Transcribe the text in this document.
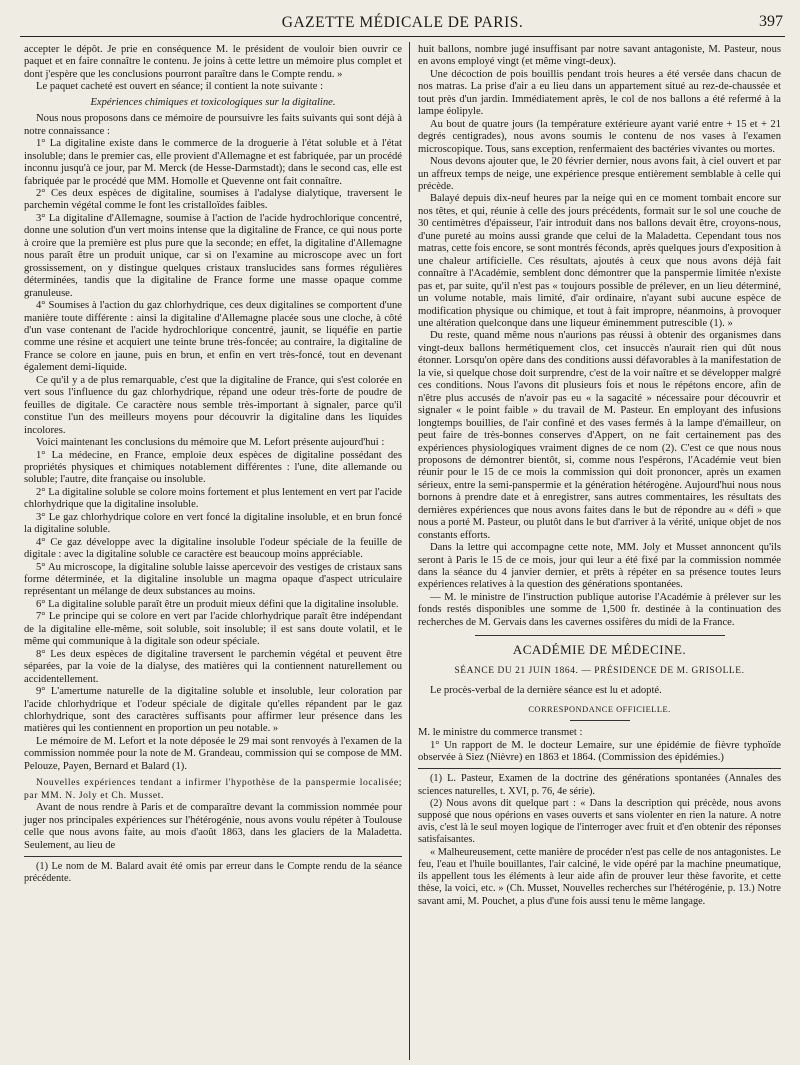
GAZETTE MÉDICALE DE PARIS.	397

accepter le dépôt. Je prie en conséquence M. le président de vouloir bien ouvrir ce paquet et en faire connaître le contenu. Je joins à cette lettre un mémoire plus complet et dont j'espère que les conclusions pourront paraître dans le Compte rendu. »

Le paquet cacheté est ouvert en séance; il contient la note suivante :

Expériences chimiques et toxicologiques sur la digitaline.

Nous nous proposons dans ce mémoire de poursuivre les faits suivants qui sont déjà à notre connaissance :

1° La digitaline existe dans le commerce de la droguerie à l'état soluble et à l'état insoluble; dans le premier cas, elle provient d'Allemagne et est fabriquée, par un procédé inconnu jusqu'à ce jour, par M. Merck (de Hesse-Darmstadt); dans le second cas, elle est fabriquée par le procédé que MM. Homolle et Quevenne ont fait connaître.

2° Ces deux espèces de digitaline, soumises à l'adalyse dialytique, traversent le parchemin végétal comme le font les cristalloïdes faibles.

3° La digitaline d'Allemagne, soumise à l'action de l'acide hydrochlorique concentré, donne une solution d'un vert moins intense que la digitaline de France, ce qui nous porte à croire que la première est plus pure que la seconde; en effet, la digitaline d'Allemagne nous paraît être un produit unique, car si on l'examine au microscope avec un fort grossissement, on y distingue quelques cristaux translucides sans formes régulières déterminées, tandis que la digitaline de France forme une masse opaque comme granuleuse.

4° Soumises à l'action du gaz chlorhydrique, ces deux digitalines se comportent d'une manière toute différente : ainsi la digitaline d'Allemagne placée sous une cloche, à côté d'un vase contenant de l'acide hydrochlorique concentré, jaunit, se liquéfie en partie comme une résine et acquiert une teinte brune très-foncée; au contraire, la digitaline de France se colore en jaune, puis en brun, et enfin en vert très-foncé, tout en devenant également demi-liquide.

Ce qu'il y a de plus remarquable, c'est que la digitaline de France, qui s'est colorée en vert sous l'influence du gaz chlorhydrique, répand une odeur très-forte de poudre de feuilles de digitale. Ce caractère nous semble très-important à signaler, parce qu'il constitue l'un des meilleurs moyens pour découvrir la digitaline dans les liquides incolores.

Voici maintenant les conclusions du mémoire que M. Lefort présente aujourd'hui :

1° La médecine, en France, emploie deux espèces de digitaline possédant des propriétés physiques et chimiques notablement différentes : l'une, dite allemande ou soluble; l'autre, dite française ou insoluble.

2° La digitaline soluble se colore moins fortement et plus lentement en vert par l'acide chlorhydrique que la digitaline insoluble.

3° Le gaz chlorhydrique colore en vert foncé la digitaline insoluble, et en brun foncé la digitaline soluble.

4° Ce gaz développe avec la digitaline insoluble l'odeur spéciale de la feuille de digitale : avec la digitaline soluble ce caractère est beaucoup moins appréciable.

5° Au microscope, la digitaline soluble laisse apercevoir des vestiges de cristaux sans forme déterminée, et la digitaline insoluble un magma opaque d'aspect utriculaire représentant un mélange de deux substances au moins.

6° La digitaline soluble paraît être un produit mieux défini que la digitaline insoluble.

7° Le principe qui se colore en vert par l'acide chlorhydrique paraît être indépendant de la digitaline elle-même, soit soluble, soit insoluble; il est sans doute volatil, et le même qui communique à la digitale son odeur spéciale.

8° Les deux espèces de digitaline traversent le parchemin végétal et peuvent être séparées, par la voie de la dialyse, des matières qui la contiennent naturellement ou accidentellement.

9° L'amertume naturelle de la digitaline soluble et insoluble, leur coloration par l'acide chlorhydrique et l'odeur spéciale de digitale qu'elles répandent par le gaz chlorhydrique, sont des caractères suffisants pour affirmer leur présence dans les matières qui les contiennent en proportion un peu notable. »

Le mémoire de M. Lefort et la note déposée le 29 mai sont renvoyés à l'examen de la commission nommée pour la note de M. Grandeau, commission qui se compose de MM. Pelouze, Payen, Bernard et Balard (1).

Nouvelles expériences tendant a infirmer l'hypothèse de la panspermie localisée; par MM. N. Joly et Ch. Musset.

Avant de nous rendre à Paris et de comparaître devant la commission nommée pour juger nos principales expériences sur l'hétérogénie, nous avons voulu répéter à Toulouse celle que nous avons faite, au mois d'août 1863, dans les glaciers de la Maladetta. Seulement, au lieu de

(1) Le nom de M. Balard avait été omis par erreur dans le Compte rendu de la séance précédente.

huit ballons, nombre jugé insuffisant par notre savant antagoniste, M. Pasteur, nous en avons employé vingt (et même vingt-deux).

Une décoction de pois bouillis pendant trois heures a été versée dans chacun de nos matras. La prise d'air a eu lieu dans un appartement situé au rez-de-chaussée et tout près d'un jardin. Immédiatement après, le col de nos ballons a été refermé à la lampe éolipyle.

Au bout de quatre jours (la température extérieure ayant varié entre + 15 et + 21 degrés centigrades), nous avons soumis le contenu de nos vases à l'examen microscopique. Tous, sans exception, renfermaient des bactéries vivantes ou mortes.

Nous devons ajouter que, le 20 février dernier, nous avons fait, à ciel ouvert et par un affreux temps de neige, une expérience presque entièrement semblable à celle qui précède.

Balayé depuis dix-neuf heures par la neige qui en ce moment tombait encore sur nos têtes, et qui, réunie à celle des jours précédents, formait sur le sol une couche de 30 centimètres d'épaisseur, l'air introduit dans nos ballons devait être, croyons-nous, d'une pureté au moins aussi grande que celui de la Maladetta. Cependant tous nos matras, cette fois encore, se sont montrés féconds, après quelques jours d'exposition à une chaleur artificielle. Ces résultats, ajoutés à ceux que nous avons déjà fait connaître à l'Académie, semblent donc démontrer que la panspermie limitée n'existe pas et, par suite, qu'il n'est pas « toujours possible de prélever, en un lieu déterminé, un volume notable, mais limité, d'air ordinaire, n'ayant subi aucune espèce de modification physique ou chimique, et tout à fait impropre, néanmoins, à provoquer une altération quelconque dans une liqueur éminemment putrescible (1). »

Du reste, quand même nous n'aurions pas réussi à obtenir des organismes dans vingt-deux ballons hermétiquement clos, cet insuccès n'aurait rien qui dût nous étonner. Lorsqu'on opère dans des conditions aussi défavorables à la manifestation de la vie, si quelque chose doit surprendre, c'est de la voir naître et se développer malgré ces conditions. Nous l'avons dit plusieurs fois et nous le répétons encore, afin de n'être plus accusés de n'avoir pas eu « la sagacité » nécessaire pour découvrir et signaler « le point faible » du travail de M. Pasteur. En employant des infusions longtemps bouillies, de l'air confiné et des vases fermés à la lampe d'émailleur, on peut faire de très-bonnes conserves d'Appert, on ne fait certainement pas des expériences physiologiques vraiment dignes de ce nom (2). C'est ce que nous nous proposons de démontrer bientôt, si, comme nous l'espérons, l'Académie veut bien réunir pour le 15 de ce mois la commission qui doit prononcer, après un examen sérieux, entre la semi-panspermie et la génération hétérogène. Aujourd'hui nous nous bornons à prendre date et à enregistrer, sans autres commentaires, les résultats des dernières expériences que nous avons faites dans le but de répondre au « défi » que nous a porté M. Pasteur, ou plutôt dans le but d'arriver à la vérité, unique objet de nos constants efforts.

Dans la lettre qui accompagne cette note, MM. Joly et Musset annoncent qu'ils seront à Paris le 15 de ce mois, jour qui leur a été fixé par la commission nommée dans la séance du 4 janvier dernier, et prêts à répéter en sa présence toutes leurs expériences relatives à la question des générations spontanées.

— M. le ministre de l'instruction publique autorise l'Académie à prélever sur les fonds restés disponibles une somme de 1,500 fr. destinée à la continuation des recherches de M. Gervais dans les cavernes ossifères du midi de la France.

ACADÉMIE DE MÉDECINE.
SÉANCE DU 21 JUIN 1864. — PRÉSIDENCE DE M. GRISOLLE.

Le procès-verbal de la dernière séance est lu et adopté.

CORRESPONDANCE OFFICIELLE.

M. le ministre du commerce transmet :

1° Un rapport de M. le docteur Lemaire, sur une épidémie de fièvre typhoïde observée à Siez (Nièvre) en 1863 et 1864. (Commission des épidémies.)

(1) L. Pasteur, Examen de la doctrine des générations spontanées (Annales des sciences naturelles, t. XVI, p. 76, 4e série).

(2) Nous avons dit quelque part : « Dans la description qui précède, nous avons supposé que nous opérions en vases ouverts et sans violenter en rien la nature. A notre avis, c'est là le seul moyen logique de l'interroger avec fruit et d'en obtenir des réponses satisfaisantes.

« Malheureusement, cette manière de procéder n'est pas celle de nos antagonistes. Le feu, l'eau et l'huile bouillantes, l'air calciné, le vide opéré par la machine pneumatique, ils appellent tous les éléments à leur aide afin de prouver leur thèse favorite, et cette thèse, la voici, etc. » (Ch. Musset, Nouvelles recherches sur l'hétérogénie, p. 13.) Notre savant ami, M. Pouchet, a plus d'une fois aussi tenu le même langage.
